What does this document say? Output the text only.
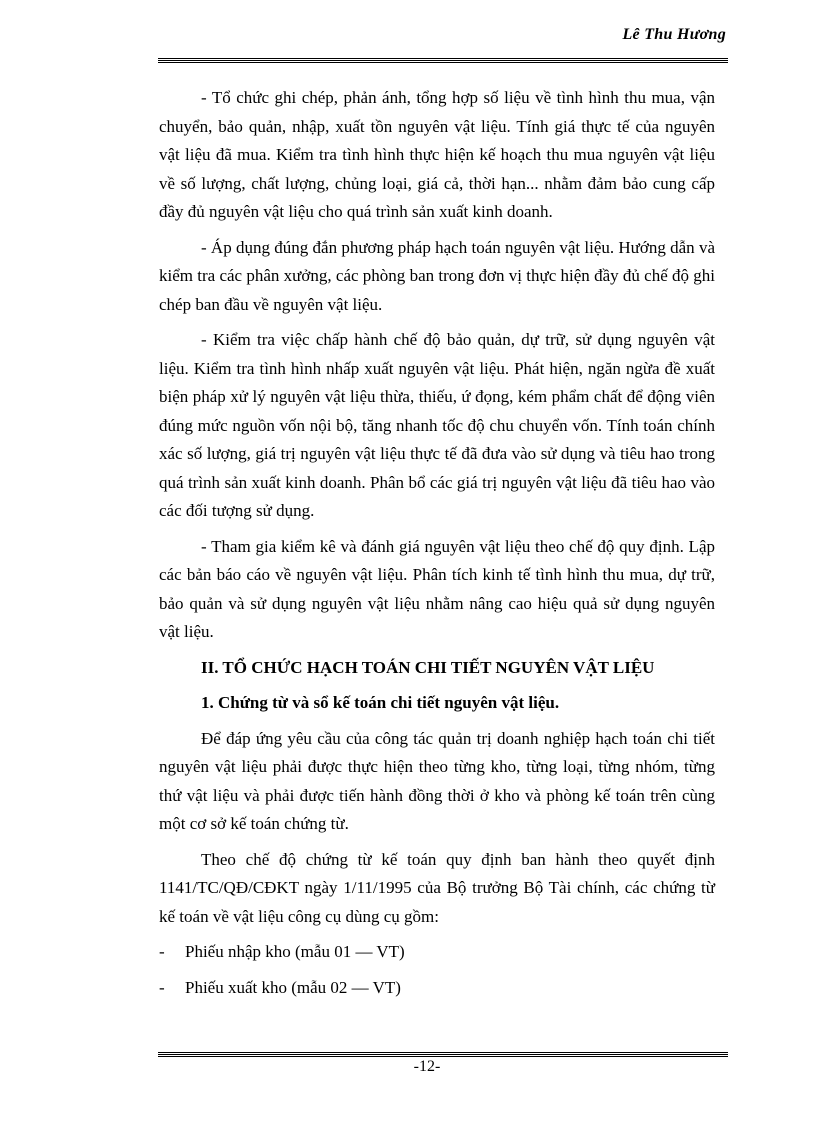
Lê Thu Hương

- Tổ chức ghi chép, phản ánh, tổng hợp số liệu về tình hình thu mua, vận chuyển, bảo quản, nhập, xuất tồn nguyên vật liệu. Tính giá thực tế của nguyên vật liệu đã mua. Kiểm tra tình hình thực hiện kế hoạch thu mua nguyên vật liệu về số lượng, chất lượng, chủng loại, giá cả, thời hạn... nhằm đảm bảo cung cấp đầy đủ nguyên vật liệu cho quá trình sản xuất kinh doanh.

- Áp dụng đúng đắn phương pháp hạch toán nguyên vật liệu. Hướng dẫn và kiểm tra các phân xưởng, các phòng ban trong đơn vị thực hiện đầy đủ chế độ ghi chép ban đầu về nguyên vật liệu.

- Kiểm tra việc chấp hành chế độ bảo quản, dự trữ, sử dụng nguyên vật liệu. Kiểm tra tình hình nhấp xuất nguyên vật liệu. Phát hiện, ngăn ngừa đề xuất biện pháp xử lý nguyên vật liệu thừa, thiếu, ứ đọng, kém phẩm chất để động viên đúng mức nguồn vốn nội bộ, tăng nhanh tốc độ chu chuyển vốn. Tính toán chính xác số lượng, giá trị nguyên vật liệu thực tế đã đưa vào sử dụng và tiêu hao trong quá trình sản xuất kinh doanh. Phân bổ các giá trị nguyên vật liệu đã tiêu hao vào các đối tượng sử dụng.

- Tham gia kiểm kê và đánh giá nguyên vật liệu theo chế độ quy định. Lập các bản báo cáo về nguyên vật liệu. Phân tích kinh tế tình hình thu mua, dự trữ, bảo quản và sử dụng nguyên vật liệu nhằm nâng cao hiệu quả sử dụng nguyên vật liệu.

II. TỔ CHỨC HẠCH TOÁN CHI TIẾT NGUYÊN VẬT LIỆU
1. Chứng từ và sổ kế toán chi tiết nguyên vật liệu.

Để đáp ứng yêu cầu của công tác quản trị doanh nghiệp hạch toán chi tiết nguyên vật liệu phải được thực hiện theo từng kho, từng loại, từng nhóm, từng thứ vật liệu và phải được tiến hành đồng thời ở kho và phòng kế toán trên cùng một cơ sở kế toán chứng từ.

Theo chế độ chứng từ kế toán quy định ban hành theo quyết định 1141/TC/QĐ/CĐKT ngày 1/11/1995 của Bộ trưởng Bộ Tài chính, các chứng từ kế toán về vật liệu công cụ dùng cụ gồm:

- Phiếu nhập kho (mẫu 01 — VT)
- Phiếu xuất kho (mẫu 02 — VT)
-12-
